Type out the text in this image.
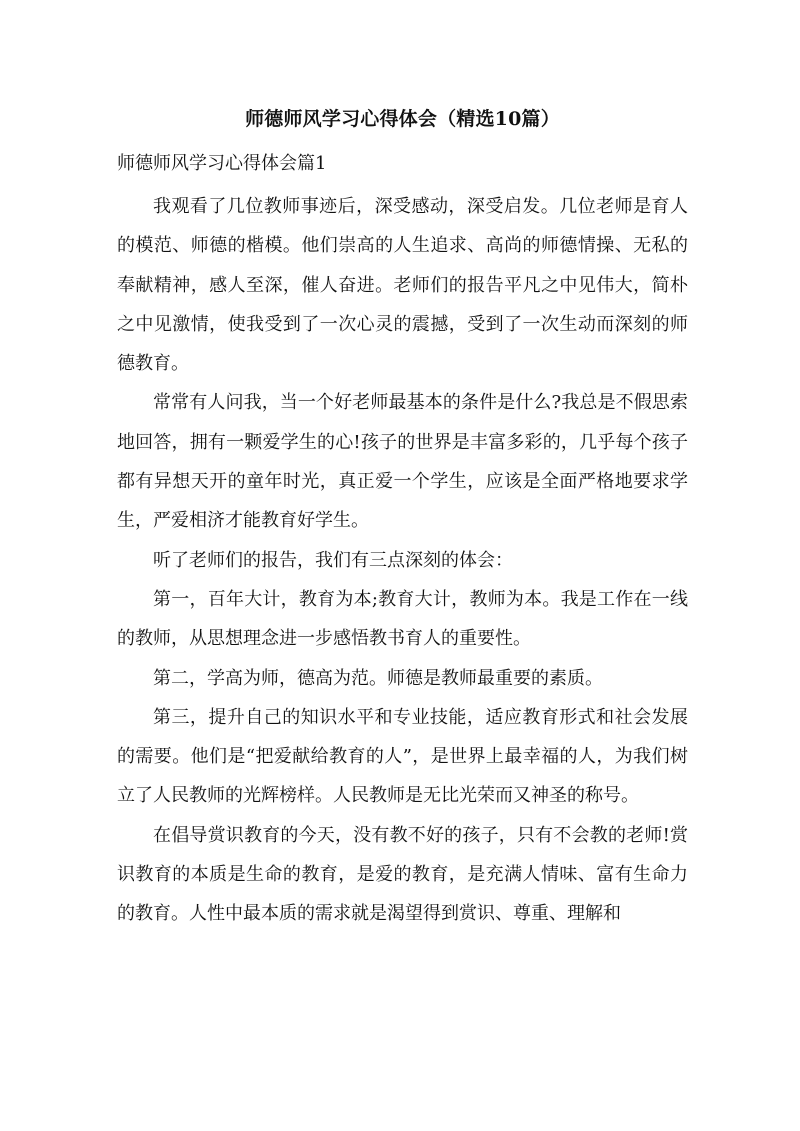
师德师风学习心得体会（精选10篇）
师德师风学习心得体会篇1

我观看了几位教师事迹后，深受感动，深受启发。几位老师是育人的模范、师德的楷模。他们崇高的人生追求、高尚的师德情操、无私的奉献精神，感人至深，催人奋进。老师们的报告平凡之中见伟大，简朴之中见激情，使我受到了一次心灵的震撼，受到了一次生动而深刻的师德教育。

常常有人问我，当一个好老师最基本的条件是什么?我总是不假思索地回答，拥有一颗爱学生的心!孩子的世界是丰富多彩的，几乎每个孩子都有异想天开的童年时光，真正爱一个学生，应该是全面严格地要求学生，严爱相济才能教育好学生。

听了老师们的报告，我们有三点深刻的体会：

第一，百年大计，教育为本;教育大计，教师为本。我是工作在一线的教师，从思想理念进一步感悟教书育人的重要性。

第二，学高为师，德高为范。师德是教师最重要的素质。

第三，提升自己的知识水平和专业技能，适应教育形式和社会发展的需要。他们是“把爱献给教育的人”，是世界上最幸福的人，为我们树立了人民教师的光辉榜样。人民教师是无比光荣而又神圣的称号。

在倡导赏识教育的今天，没有教不好的孩子，只有不会教的老师!赏识教育的本质是生命的教育，是爱的教育，是充满人情味、富有生命力的教育。人性中最本质的需求就是渴望得到赏识、尊重、理解和
